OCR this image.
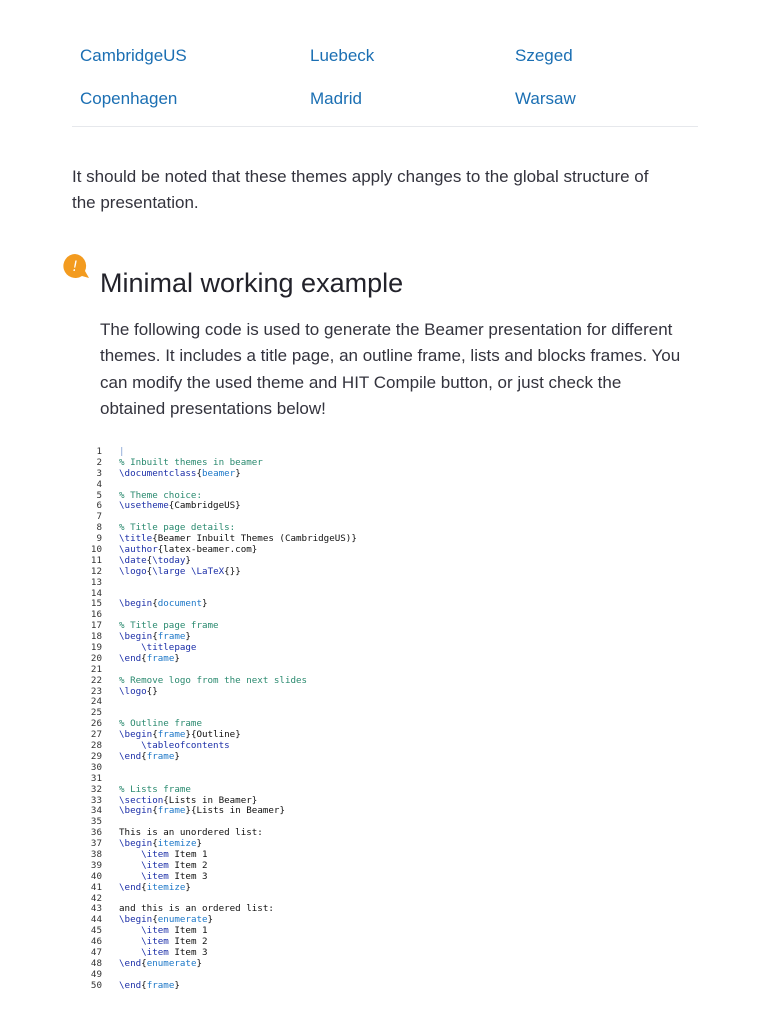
CambridgeUS	Luebeck	Szeged
Copenhagen	Madrid	Warsaw

It should be noted that these themes apply changes to the global structure of the presentation.

!
Minimal working example

The following code is used to generate the Beamer presentation for different themes. It includes a title page, an outline frame, lists and blocks frames. You can modify the used theme and HIT Compile button, or just check the obtained presentations below!

1	|
2	% Inbuilt themes in beamer
3	\documentclass{beamer}
4
5	% Theme choice:
6	\usetheme{CambridgeUS}
7
8	% Title page details:
9	\title{Beamer Inbuilt Themes (CambridgeUS)}
10	\author{latex-beamer.com}
11	\date{\today}
12	\logo{\large \LaTeX{}}
13
14
15	\begin{document}
16
17	% Title page frame
18	\begin{frame}
19	\titlepage
20	\end{frame}
21
22	% Remove logo from the next slides
23	\logo{}
24
25
26	% Outline frame
27	\begin{frame}{Outline}
28	\tableofcontents
29	\end{frame}
30
31
32	% Lists frame
33	\section{Lists in Beamer}
34	\begin{frame}{Lists in Beamer}
35
36	This is an unordered list:
37	\begin{itemize}
38	\item Item 1
39	\item Item 2
40	\item Item 3
41	\end{itemize}
42
43	and this is an ordered list:
44	\begin{enumerate}
45	\item Item 1
46	\item Item 2
47	\item Item 3
48	\end{enumerate}
49
50	\end{frame}
